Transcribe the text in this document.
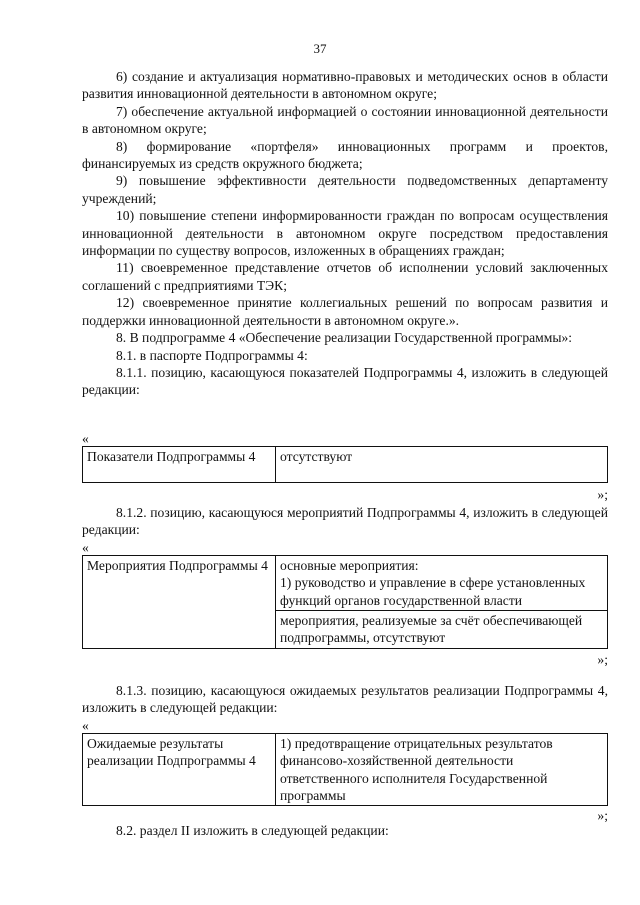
37

6) создание и актуализация нормативно-правовых и методических основ в области развития инновационной деятельности в автономном округе;

7) обеспечение актуальной информацией о состоянии инновационной деятельности в автономном округе;

8) формирование «портфеля» инновационных программ и проектов, финансируемых из средств окружного бюджета;

9) повышение эффективности деятельности подведомственных департаменту учреждений;

10) повышение степени информированности граждан по вопросам осуществления инновационной деятельности в автономном округе посредством предоставления информации по существу вопросов, изложенных в обращениях граждан;

11) своевременное представление отчетов об исполнении условий заключенных соглашений с предприятиями ТЭК;

12) своевременное принятие коллегиальных решений по вопросам развития и поддержки инновационной деятельности в автономном округе.».

8. В подпрограмме 4 «Обеспечение реализации Государственной программы»:

8.1. в паспорте Подпрограммы 4:

8.1.1. позицию, касающуюся показателей Подпрограммы 4, изложить в следующей редакции:

«

Показатели Подпрограммы 4	отсутствуют

»;

8.1.2. позицию, касающуюся мероприятий Подпрограммы 4, изложить в следующей редакции:

«

Мероприятия Подпрограммы 4	основные мероприятия:
1) руководство и управление в сфере установленных функций органов государственной власти

мероприятия, реализуемые за счёт обеспечивающей подпрограммы, отсутствуют

»;

8.1.3. позицию, касающуюся ожидаемых результатов реализации Подпрограммы 4, изложить в следующей редакции:

«

Ожидаемые результаты реализации Подпрограммы 4	1) предотвращение отрицательных результатов финансово-хозяйственной деятельности ответственного исполнителя Государственной программы

»;

8.2. раздел II изложить в следующей редакции:
